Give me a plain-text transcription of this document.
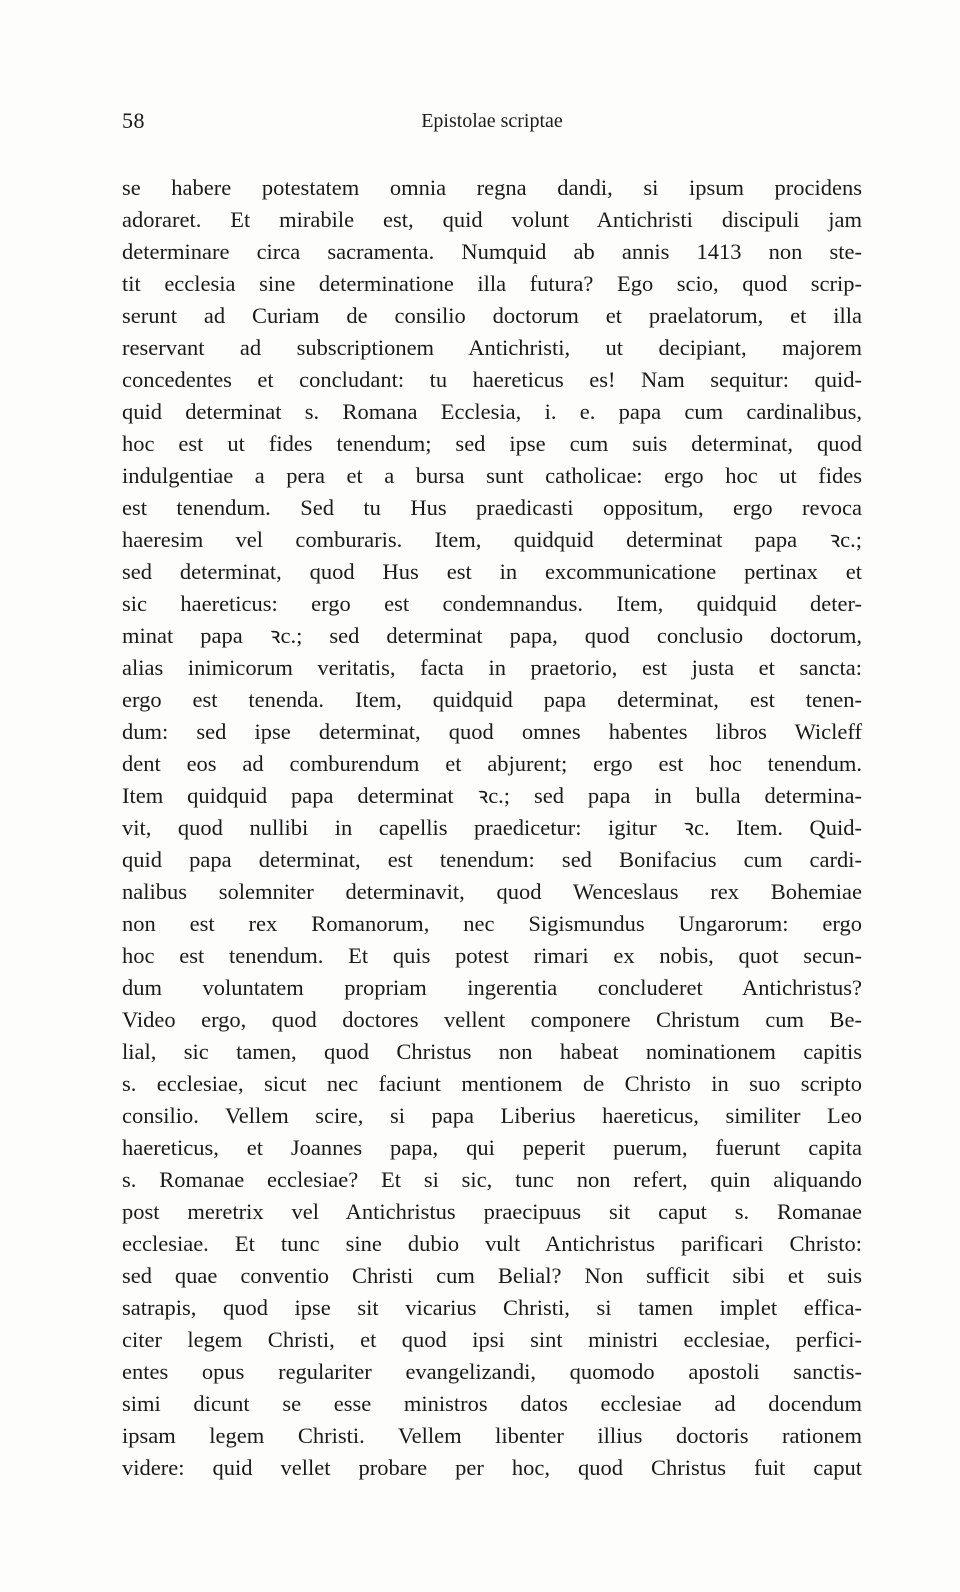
58	Epistolae scriptae
se habere potestatem omnia regna dandi, si ipsum procidens
adoraret. Et mirabile est, quid volunt Antichristi discipuli jam
determinare circa sacramenta. Numquid ab annis 1413 non ste-
tit ecclesia sine determinatione illa futura? Ego scio, quod scrip-
serunt ad Curiam de consilio doctorum et praelatorum, et illa
reservant ad subscriptionem Antichristi, ut decipiant, majorem
concedentes et concludant: tu haereticus es! Nam sequitur: quid-
quid determinat s. Romana Ecclesia, i. e. papa cum cardinalibus,
hoc est ut fides tenendum; sed ipse cum suis determinat, quod
indulgentiae a pera et a bursa sunt catholicae: ergo hoc ut fides
est tenendum. Sed tu Hus praedicasti oppositum, ergo revoca
haeresim vel comburaris. Item, quidquid determinat papa ꝛc.;
sed determinat, quod Hus est in excommunicatione pertinax et
sic haereticus: ergo est condemnandus. Item, quidquid deter-
minat papa ꝛc.; sed determinat papa, quod conclusio doctorum,
alias inimicorum veritatis, facta in praetorio, est justa et sancta:
ergo est tenenda. Item, quidquid papa determinat, est tenen-
dum: sed ipse determinat, quod omnes habentes libros Wicleff
dent eos ad comburendum et abjurent; ergo est hoc tenendum.
Item quidquid papa determinat ꝛc.; sed papa in bulla determina-
vit, quod nullibi in capellis praedicetur: igitur ꝛc. Item. Quid-
quid papa determinat, est tenendum: sed Bonifacius cum cardi-
nalibus solemniter determinavit, quod Wenceslaus rex Bohemiae
non est rex Romanorum, nec Sigismundus Ungarorum: ergo
hoc est tenendum. Et quis potest rimari ex nobis, quot secun-
dum voluntatem propriam ingerentia concluderet Antichristus?
Video ergo, quod doctores vellent componere Christum cum Be-
lial, sic tamen, quod Christus non habeat nominationem capitis
s. ecclesiae, sicut nec faciunt mentionem de Christo in suo scripto
consilio. Vellem scire, si papa Liberius haereticus, similiter Leo
haereticus, et Joannes papa, qui peperit puerum, fuerunt capita
s. Romanae ecclesiae? Et si sic, tunc non refert, quin aliquando
post meretrix vel Antichristus praecipuus sit caput s. Romanae
ecclesiae. Et tunc sine dubio vult Antichristus parificari Christo:
sed quae conventio Christi cum Belial? Non sufficit sibi et suis
satrapis, quod ipse sit vicarius Christi, si tamen implet effica-
citer legem Christi, et quod ipsi sint ministri ecclesiae, perfici-
entes opus regulariter evangelizandi, quomodo apostoli sanctis-
simi dicunt se esse ministros datos ecclesiae ad docendum
ipsam legem Christi. Vellem libenter illius doctoris rationem
videre: quid vellet probare per hoc, quod Christus fuit caput
